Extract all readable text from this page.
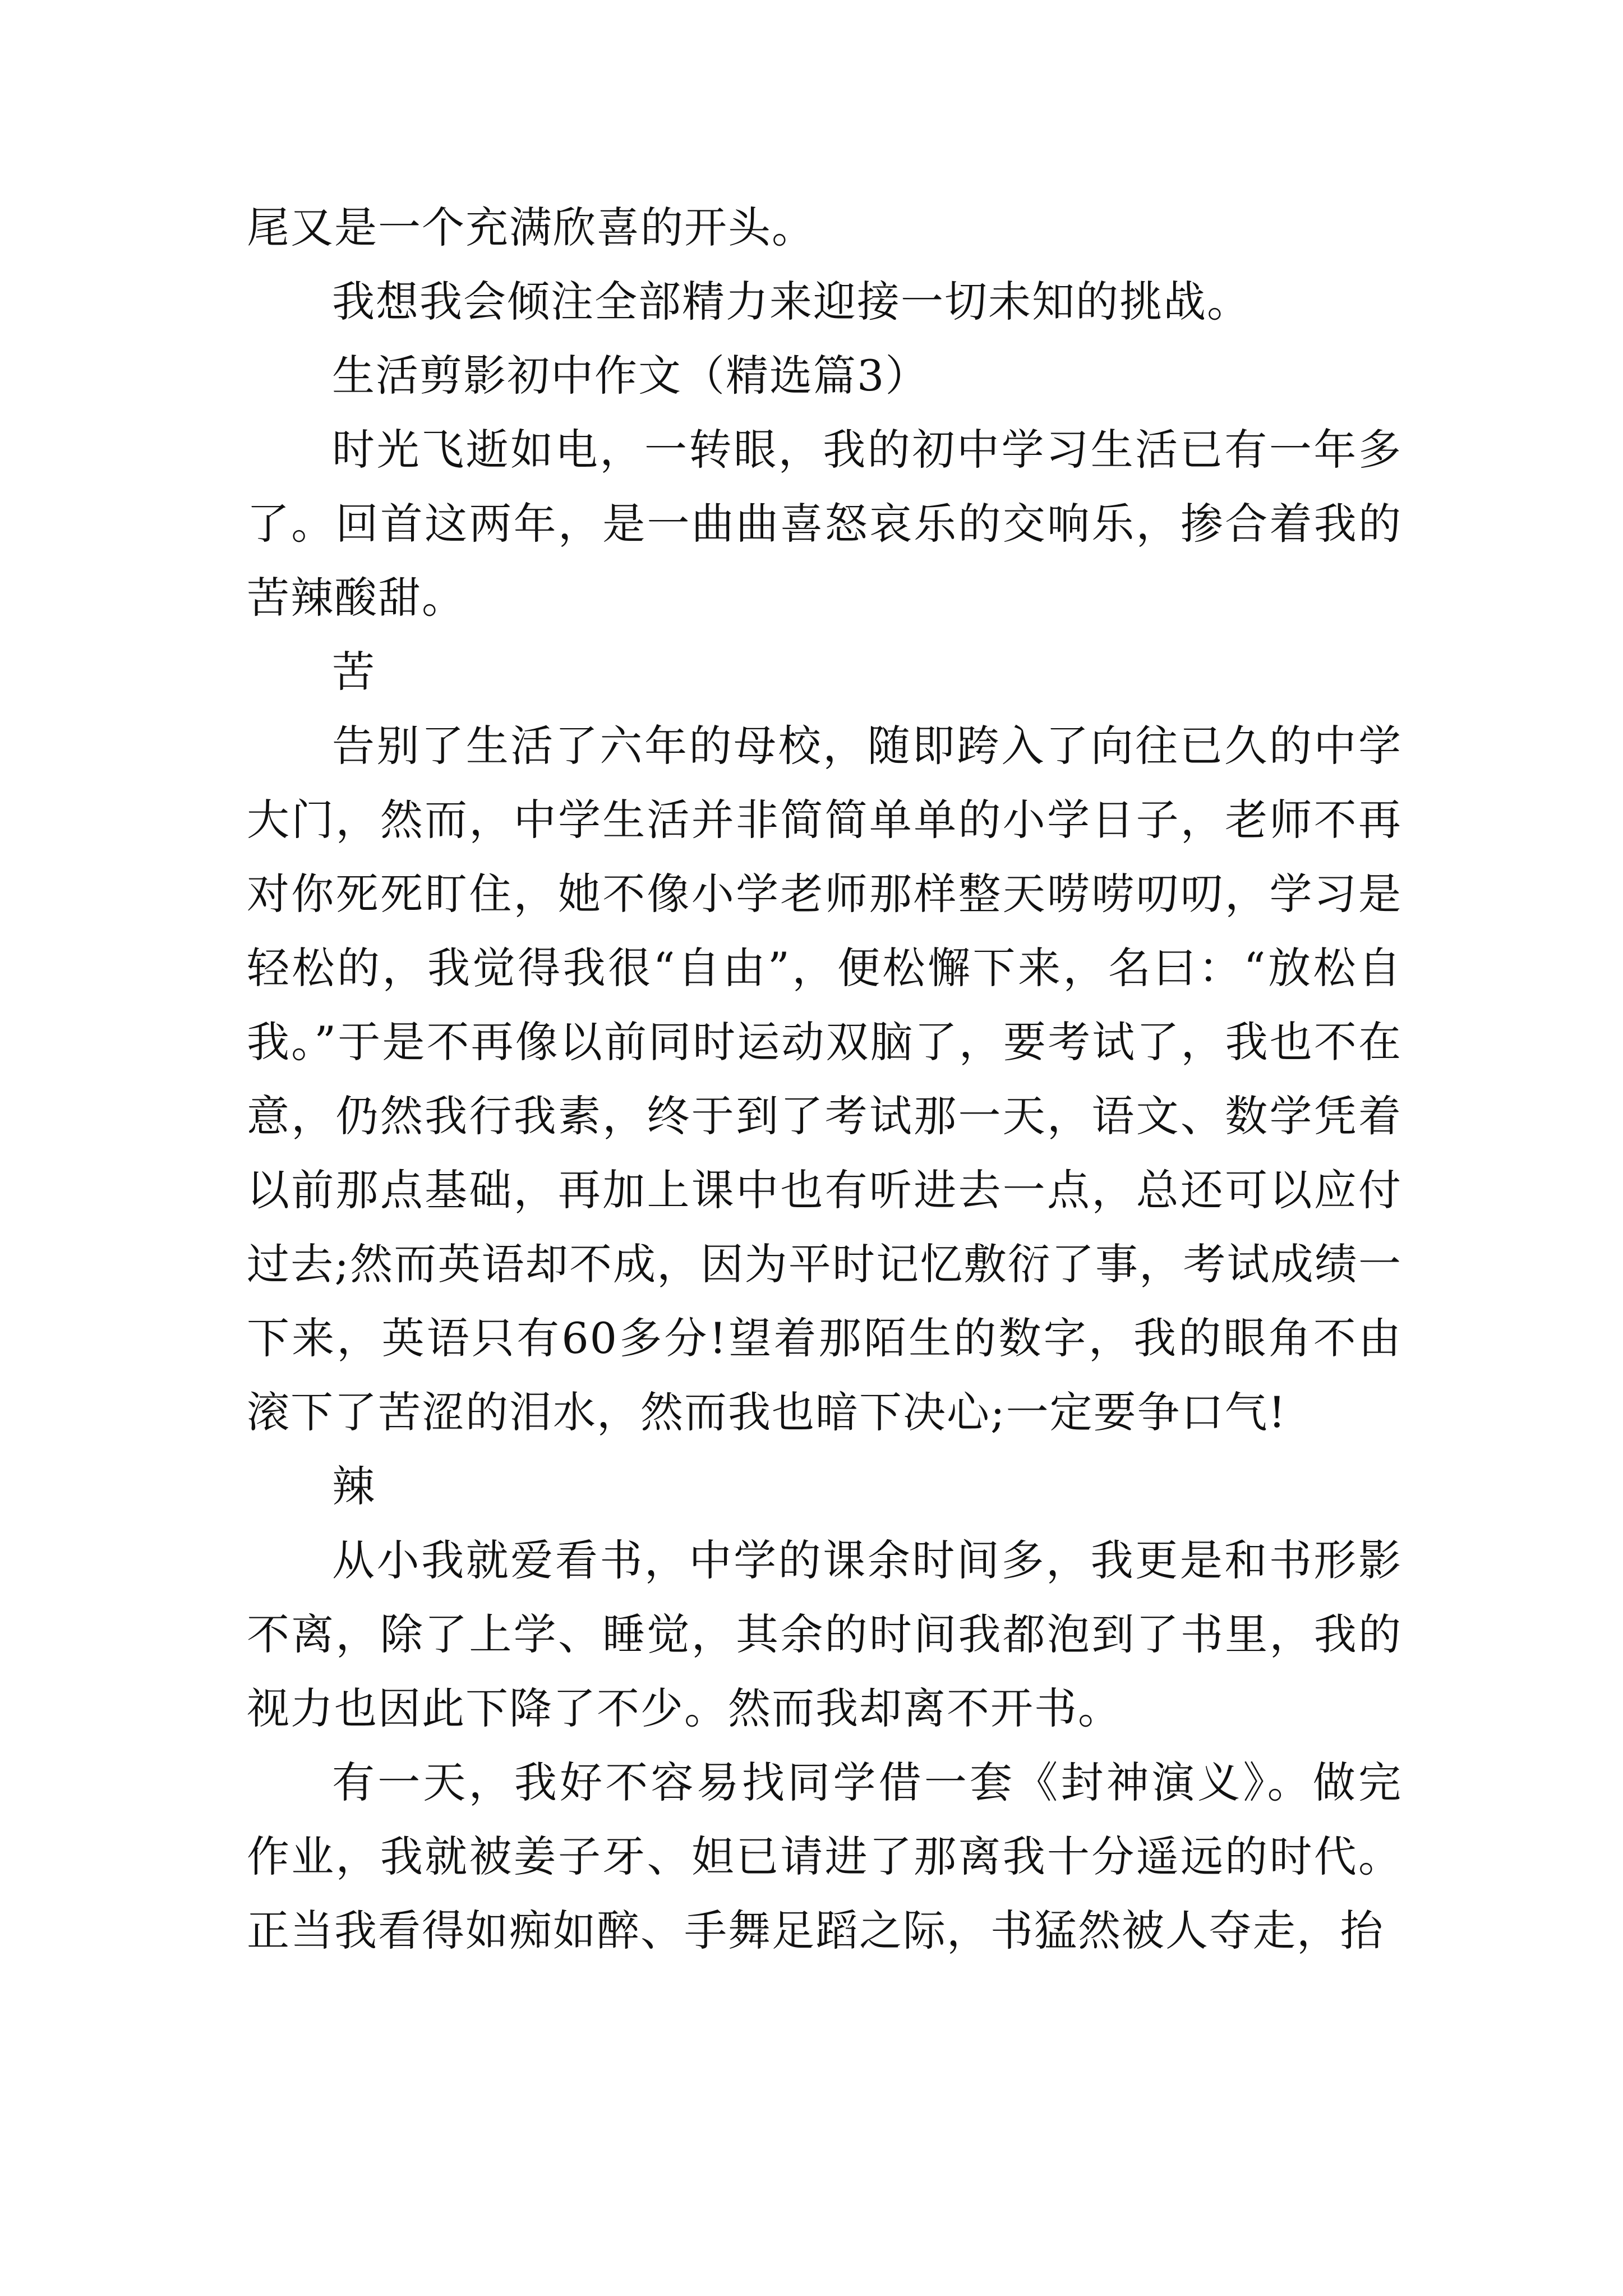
尾又是一个充满欣喜的开头。

我想我会倾注全部精力来迎接一切未知的挑战。

生活剪影初中作文（精选篇3）

时光飞逝如电，一转眼，我的初中学习生活已有一年多了。回首这两年，是一曲曲喜怒哀乐的交响乐，掺合着我的苦辣酸甜。

苦

告别了生活了六年的母校，随即跨入了向往已久的中学大门，然而，中学生活并非简简单单的小学日子，老师不再对你死死盯住，她不像小学老师那样整天唠唠叨叨，学习是轻松的，我觉得我很“自由”，便松懈下来，名曰：“放松自我。”于是不再像以前同时运动双脑了，要考试了，我也不在意，仍然我行我素，终于到了考试那一天，语文、数学凭着以前那点基础，再加上课中也有听进去一点，总还可以应付过去;然而英语却不成，因为平时记忆敷衍了事，考试成绩一下来，英语只有60多分!望着那陌生的数字，我的眼角不由滚下了苦涩的泪水，然而我也暗下决心;一定要争口气!

辣

从小我就爱看书，中学的课余时间多，我更是和书形影不离，除了上学、睡觉，其余的时间我都泡到了书里，我的视力也因此下降了不少。然而我却离不开书。

有一天，我好不容易找同学借一套《封神演义》。做完作业，我就被姜子牙、妲已请进了那离我十分遥远的时代。正当我看得如痴如醉、手舞足蹈之际，书猛然被人夺走，抬
